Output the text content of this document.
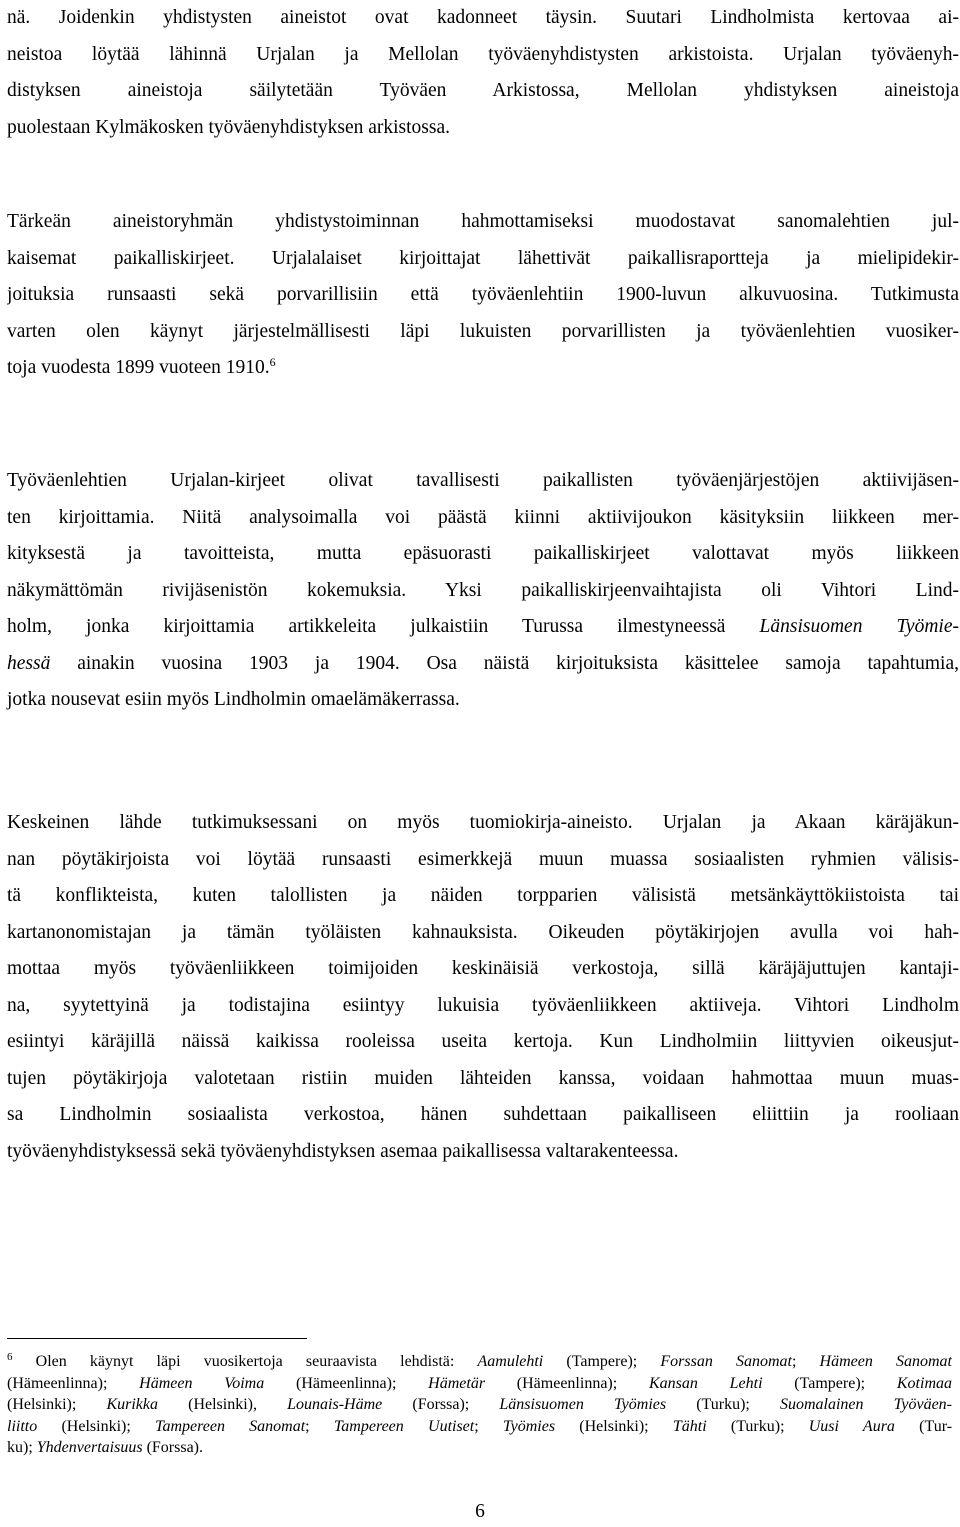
nä. Joidenkin yhdistysten aineistot ovat kadonneet täysin. Suutari Lindholmista kertovaa ai-
neistoa löytää lähinnä Urjalan ja Mellolan työväenyhdistysten arkistoista. Urjalan työväenyh-
distyksen aineistoja säilytetään Työväen Arkistossa, Mellolan yhdistyksen aineistoja
puolestaan Kylmäkosken työväenyhdistyksen arkistossa.
Tärkeän aineistoryhmän yhdistystoiminnan hahmottamiseksi muodostavat sanomalehtien jul-
kaisemat paikalliskirjeet. Urjalalaiset kirjoittajat lähettivät paikallisraportteja ja mielipidekir-
joituksia runsaasti sekä porvarillisiin että työväenlehtiin 1900-luvun alkuvuosina. Tutkimusta
varten olen käynyt järjestelmällisesti läpi lukuisten porvarillisten ja työväenlehtien vuosiker-
toja vuodesta 1899 vuoteen 1910.$^6$
Työväenlehtien Urjalan-kirjeet olivat tavallisesti paikallisten työväenjärjestöjen aktiivijäsen-
ten kirjoittamia. Niitä analysoimalla voi päästä kiinni aktiivijoukon käsityksiin liikkeen mer-
kityksestä ja tavoitteista, mutta epäsuorasti paikalliskirjeet valottavat myös liikkeen
näkymättömän rivijäsenistön kokemuksia. Yksi paikalliskirjeenvaihtajista oli Vihtori Lind-
holm, jonka kirjoittamia artikkeleita julkaistiin Turussa ilmestyneessä Länsisuomen Työmie-
hessä ainakin vuosina 1903 ja 1904. Osa näistä kirjoituksista käsittelee samoja tapahtumia,
jotka nousevat esiin myös Lindholmin omaelämäkerrassa.
Keskeinen lähde tutkimuksessani on myös tuomiokirja-aineisto. Urjalan ja Akaan käräjäkun-
nan pöytäkirjoista voi löytää runsaasti esimerkkejä muun muassa sosiaalisten ryhmien välisis-
tä konflikteista, kuten talollisten ja näiden torpparien välisistä metsänkäyttökiistoista tai
kartanonomistajan ja tämän työläisten kahnauksista. Oikeuden pöytäkirjojen avulla voi hah-
mottaa myös työväenliikkeen toimijoiden keskinäisiä verkostoja, sillä käräjäjuttujen kantaji-
na, syytettyinä ja todistajina esiintyy lukuisia työväenliikkeen aktiiveja. Vihtori Lindholm
esiintyi käräjillä näissä kaikissa rooleissa useita kertoja. Kun Lindholmiin liittyvien oikeusjut-
tujen pöytäkirjoja valotetaan ristiin muiden lähteiden kanssa, voidaan hahmottaa muun muas-
sa Lindholmin sosiaalista verkostoa, hänen suhdettaan paikalliseen eliittiin ja rooliaan
työväenyhdistyksessä sekä työväenyhdistyksen asemaa paikallisessa valtarakenteessa.
$^6$ Olen käynyt läpi vuosikertoja seuraavista lehdistä: Aamulehti (Tampere); Forssan Sanomat; Hämeen Sanomat
(Hämeenlinna); Hämeen Voima (Hämeenlinna); Hämetär (Hämeenlinna); Kansan Lehti (Tampere); Kotimaa
(Helsinki); Kurikka (Helsinki), Lounais-Häme (Forssa); Länsisuomen Työmies (Turku); Suomalainen Työväen-
liitto (Helsinki); Tampereen Sanomat; Tampereen Uutiset; Työmies (Helsinki); Tähti (Turku); Uusi Aura (Tur-
ku); Yhdenvertaisuus (Forssa).
6
